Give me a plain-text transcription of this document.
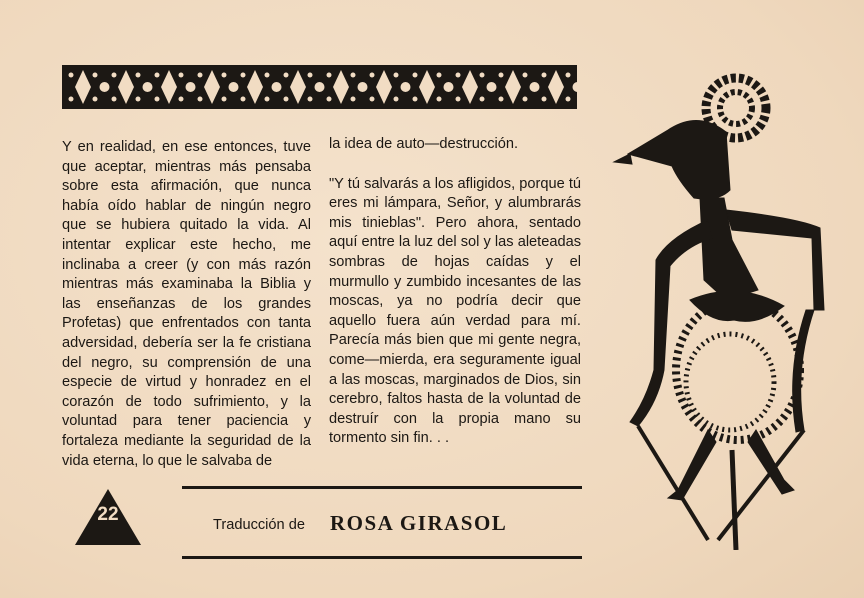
Y en realidad, en ese entonces, tuve que aceptar, mientras más pensaba sobre esta afirmación, que nunca había oído hablar de ningún negro que se hubiera quitado la vida. Al intentar explicar este hecho, me inclinaba a creer (y con más razón mientras más examinaba la Biblia y las enseñanzas de los grandes Profetas) que enfrentados con tanta adversidad, debería ser la fe cristiana del negro, su comprensión de una especie de virtud y honradez en el corazón de todo sufrimiento, y la voluntad para tener paciencia y fortaleza mediante la seguridad de la vida eterna, lo que le salvaba de

la idea de auto—destrucción.

"Y tú salvarás a los afligidos, porque tú eres mi lámpara, Señor, y alumbrarás mis tinieblas". Pero ahora, sentado aquí entre la luz del sol y las aleteadas sombras de hojas caídas y el murmullo y zumbido incesantes de las moscas, ya no podría decir que aquello fuera aún verdad para mí. Parecía más bien que mi gente negra, come—mierda, era seguramente igual a las moscas, marginados de Dios, sin cerebro, faltos hasta de la voluntad de destruír con la propia mano su tormento sin fin. . .

22	Traducción de ROSA GIRASOL
